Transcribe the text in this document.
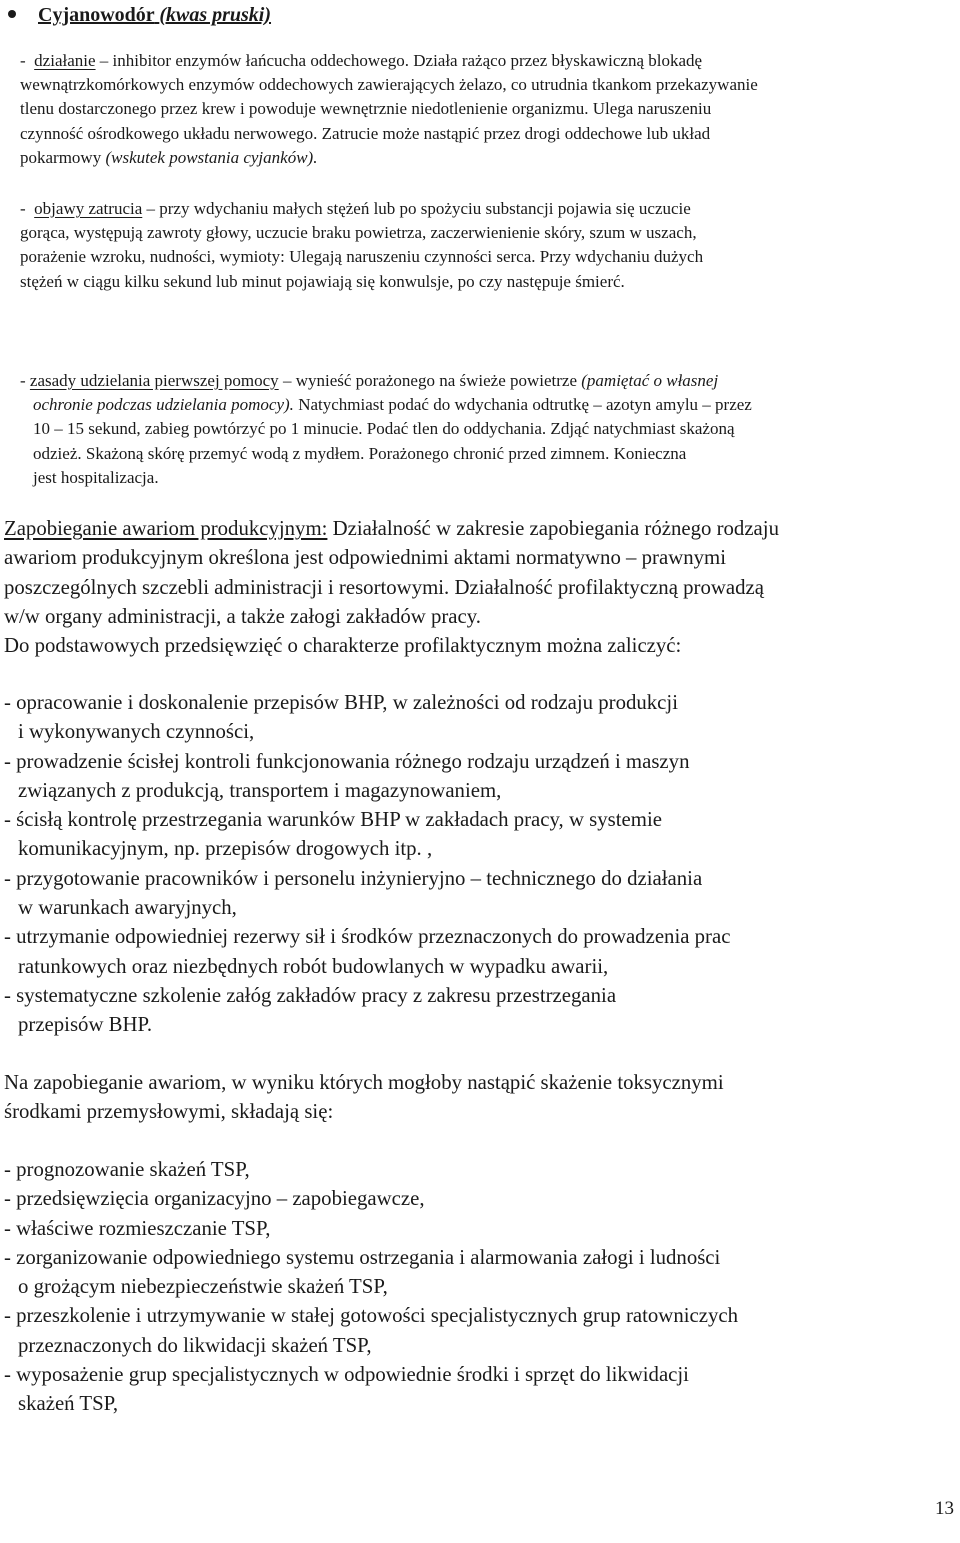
Cyjanowodór (kwas pruski)
-  działanie – inhibitor enzymów łańcucha oddechowego. Działa rażąco przez błyskawiczną blokadę
wewnątrzkomórkowych enzymów oddechowych zawierających żelazo, co utrudnia tkankom przekazywanie
tlenu dostarczonego przez krew i powoduje wewnętrznie niedotlenienie organizmu. Ulega naruszeniu
czynność ośrodkowego układu nerwowego. Zatrucie może nastąpić przez drogi oddechowe lub układ
pokarmowy (wskutek powstania cyjanków).
-  objawy zatrucia – przy wdychaniu małych stężeń lub po spożyciu substancji pojawia się uczucie
gorąca, występują zawroty głowy, uczucie braku powietrza, zaczerwienienie skóry, szum w uszach,
porażenie wzroku, nudności, wymioty: Ulegają naruszeniu czynności serca. Przy wdychaniu dużych
stężeń w ciągu kilku sekund lub minut pojawiają się konwulsje, po czy następuje śmierć.
- zasady udzielania pierwszej pomocy – wynieść porażonego na świeże powietrze (pamiętać o własnej
ochronie podczas udzielania pomocy). Natychmiast podać do wdychania odtrutkę – azotyn amylu – przez
10 – 15 sekund, zabieg powtórzyć po 1 minucie. Podać tlen do oddychania. Zdjąć natychmiast skażoną
odzież. Skażoną skórę przemyć wodą z mydłem. Porażonego chronić przed zimnem. Konieczna
jest hospitalizacja.
Zapobieganie awariom produkcyjnym: Działalność w zakresie zapobiegania różnego rodzaju
awariom produkcyjnym określona jest odpowiednimi aktami normatywno – prawnymi
poszczególnych szczebli administracji i resortowymi. Działalność profilaktyczną prowadzą
w/w organy administracji, a także załogi zakładów pracy.
Do podstawowych przedsięwzięć o charakterze profilaktycznym można zaliczyć:
- opracowanie i doskonalenie przepisów BHP, w zależności od rodzaju produkcji
i wykonywanych czynności,
- prowadzenie ścisłej kontroli funkcjonowania różnego rodzaju urządzeń i maszyn
związanych z produkcją, transportem i magazynowaniem,
- ścisłą kontrolę przestrzegania warunków BHP w zakładach pracy, w systemie
komunikacyjnym, np. przepisów drogowych itp. ,
- przygotowanie pracowników i personelu inżynieryjno – technicznego do działania
w warunkach awaryjnych,
- utrzymanie odpowiedniej rezerwy sił i środków przeznaczonych do prowadzenia prac
ratunkowych oraz niezbędnych robót budowlanych w wypadku awarii,
- systematyczne szkolenie załóg zakładów pracy z zakresu przestrzegania
przepisów BHP.
Na zapobieganie awariom, w wyniku których mogłoby nastąpić skażenie toksycznymi
środkami przemysłowymi, składają się:
- prognozowanie skażeń TSP,
- przedsięwzięcia organizacyjno – zapobiegawcze,
- właściwe rozmieszczanie TSP,
- zorganizowanie odpowiedniego systemu ostrzegania i alarmowania załogi i ludności
o grożącym niebezpieczeństwie skażeń TSP,
- przeszkolenie i utrzymywanie w stałej gotowości specjalistycznych grup ratowniczych
przeznaczonych do likwidacji skażeń TSP,
- wyposażenie grup specjalistycznych w odpowiednie środki i sprzęt do likwidacji
skażeń TSP,
13
